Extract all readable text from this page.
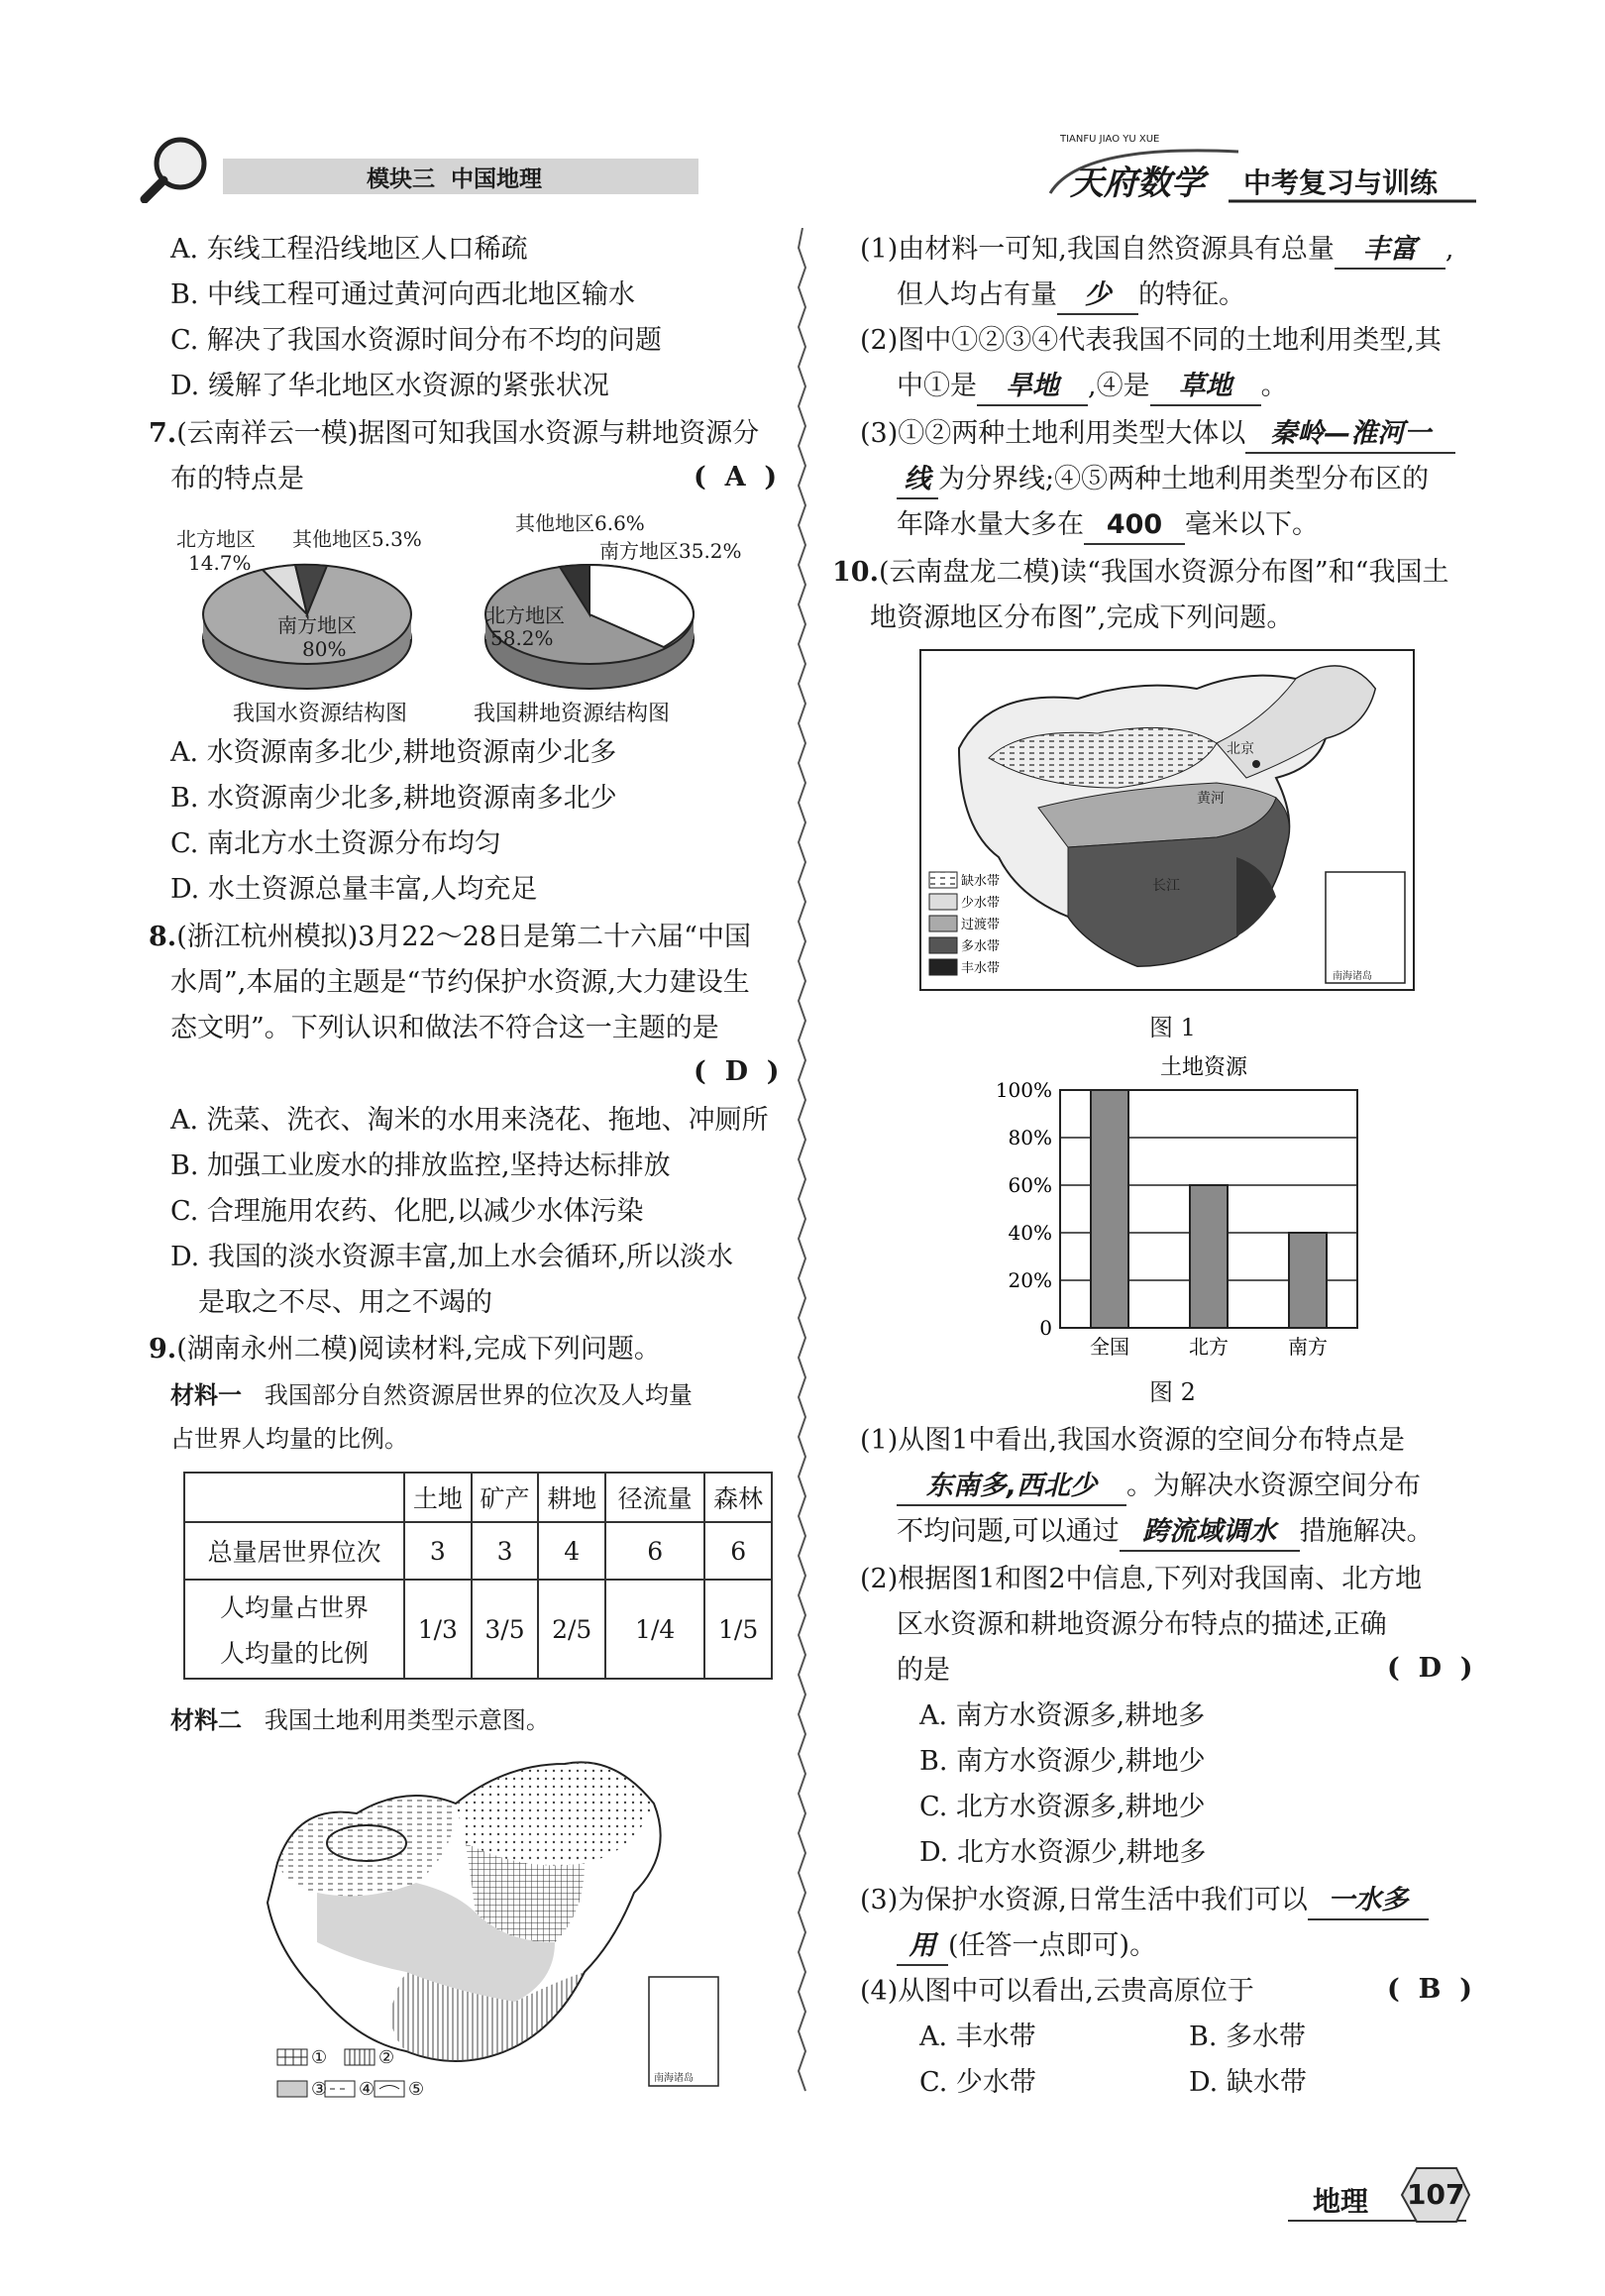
模块三 中国地理
TIANFU JIAO YU XUE
天府数学 中考复习与训练
A. 东线工程沿线地区人口稀疏
B. 中线工程可通过黄河向西北地区输水
C. 解决了我国水资源时间分布不均的问题
D. 缓解了华北地区水资源的紧张状况
7.(云南祥云一模)据图可知我国水资源与耕地资源分
布的特点是	(  A  )
北方地区 其他地区5.3%
14.7%
南方地区
80%
我国水资源结构图
其他地区6.6%
南方地区35.2%
北方地区
58.2%
我国耕地资源结构图
A. 水资源南多北少,耕地资源南少北多
B. 水资源南少北多,耕地资源南多北少
C. 南北方水土资源分布均匀
D. 水土资源总量丰富,人均充足
8.(浙江杭州模拟)3月22～28日是第二十六届“中国
水周”,本届的主题是“节约保护水资源,大力建设生
态文明”。下列认识和做法不符合这一主题的是
(  D  )
A. 洗菜、洗衣、淘米的水用来浇花、拖地、冲厕所
B. 加强工业废水的排放监控,坚持达标排放
C. 合理施用农药、化肥,以减少水体污染
D. 我国的淡水资源丰富,加上水会循环,所以淡水
是取之不尽、用之不竭的
9.(湖南永州二模)阅读材料,完成下列问题。
材料一 我国部分自然资源居世界的位次及人均量
占世界人均量的比例。
	土地	矿产	耕地	径流量	森林
总量居世界位次	3	3	4	6	6

人均量占世界
人均量的比例	1/3	3/5	2/5	1/4	1/5
材料二 我国土地利用类型示意图。
南海诸岛
①	②
③ ④ ⑤
(1)由材料一可知,我国自然资源具有总量 丰富 ,
但人均占有量 少 的特征。
(2)图中①②③④代表我国不同的土地利用类型,其
中①是 旱地 ,④是 草地 。
(3)①②两种土地利用类型大体以 秦岭—淮河一
线 为分界线;④⑤两种土地利用类型分布区的
年降水量大多在 400 毫米以下。
10.(云南盘龙二模)读“我国水资源分布图”和“我国土
地资源地区分布图”,完成下列问题。
南海诸岛
北京
黄河
长江
缺水带
少水带
过渡带
多水带
丰水带
图 1
土地资源
0
20%
40%
60%
80%
100%
全国	北方	南方
图 2
(1)从图1中看出,我国水资源的空间分布特点是
东南多,西北少 。为解决水资源空间分布
不均问题,可以通过 跨流域调水 措施解决。
(2)根据图1和图2中信息,下列对我国南、北方地
区水资源和耕地资源分布特点的描述,正确
的是	(  D  )
A. 南方水资源多,耕地多
B. 南方水资源少,耕地少
C. 北方水资源多,耕地少
D. 北方水资源少,耕地多
(3)为保护水资源,日常生活中我们可以 一水多
用 (任答一点即可)。
(4)从图中可以看出,云贵高原位于	(  B  )
A. 丰水带	B. 多水带
C. 少水带	D. 缺水带
地理 107
